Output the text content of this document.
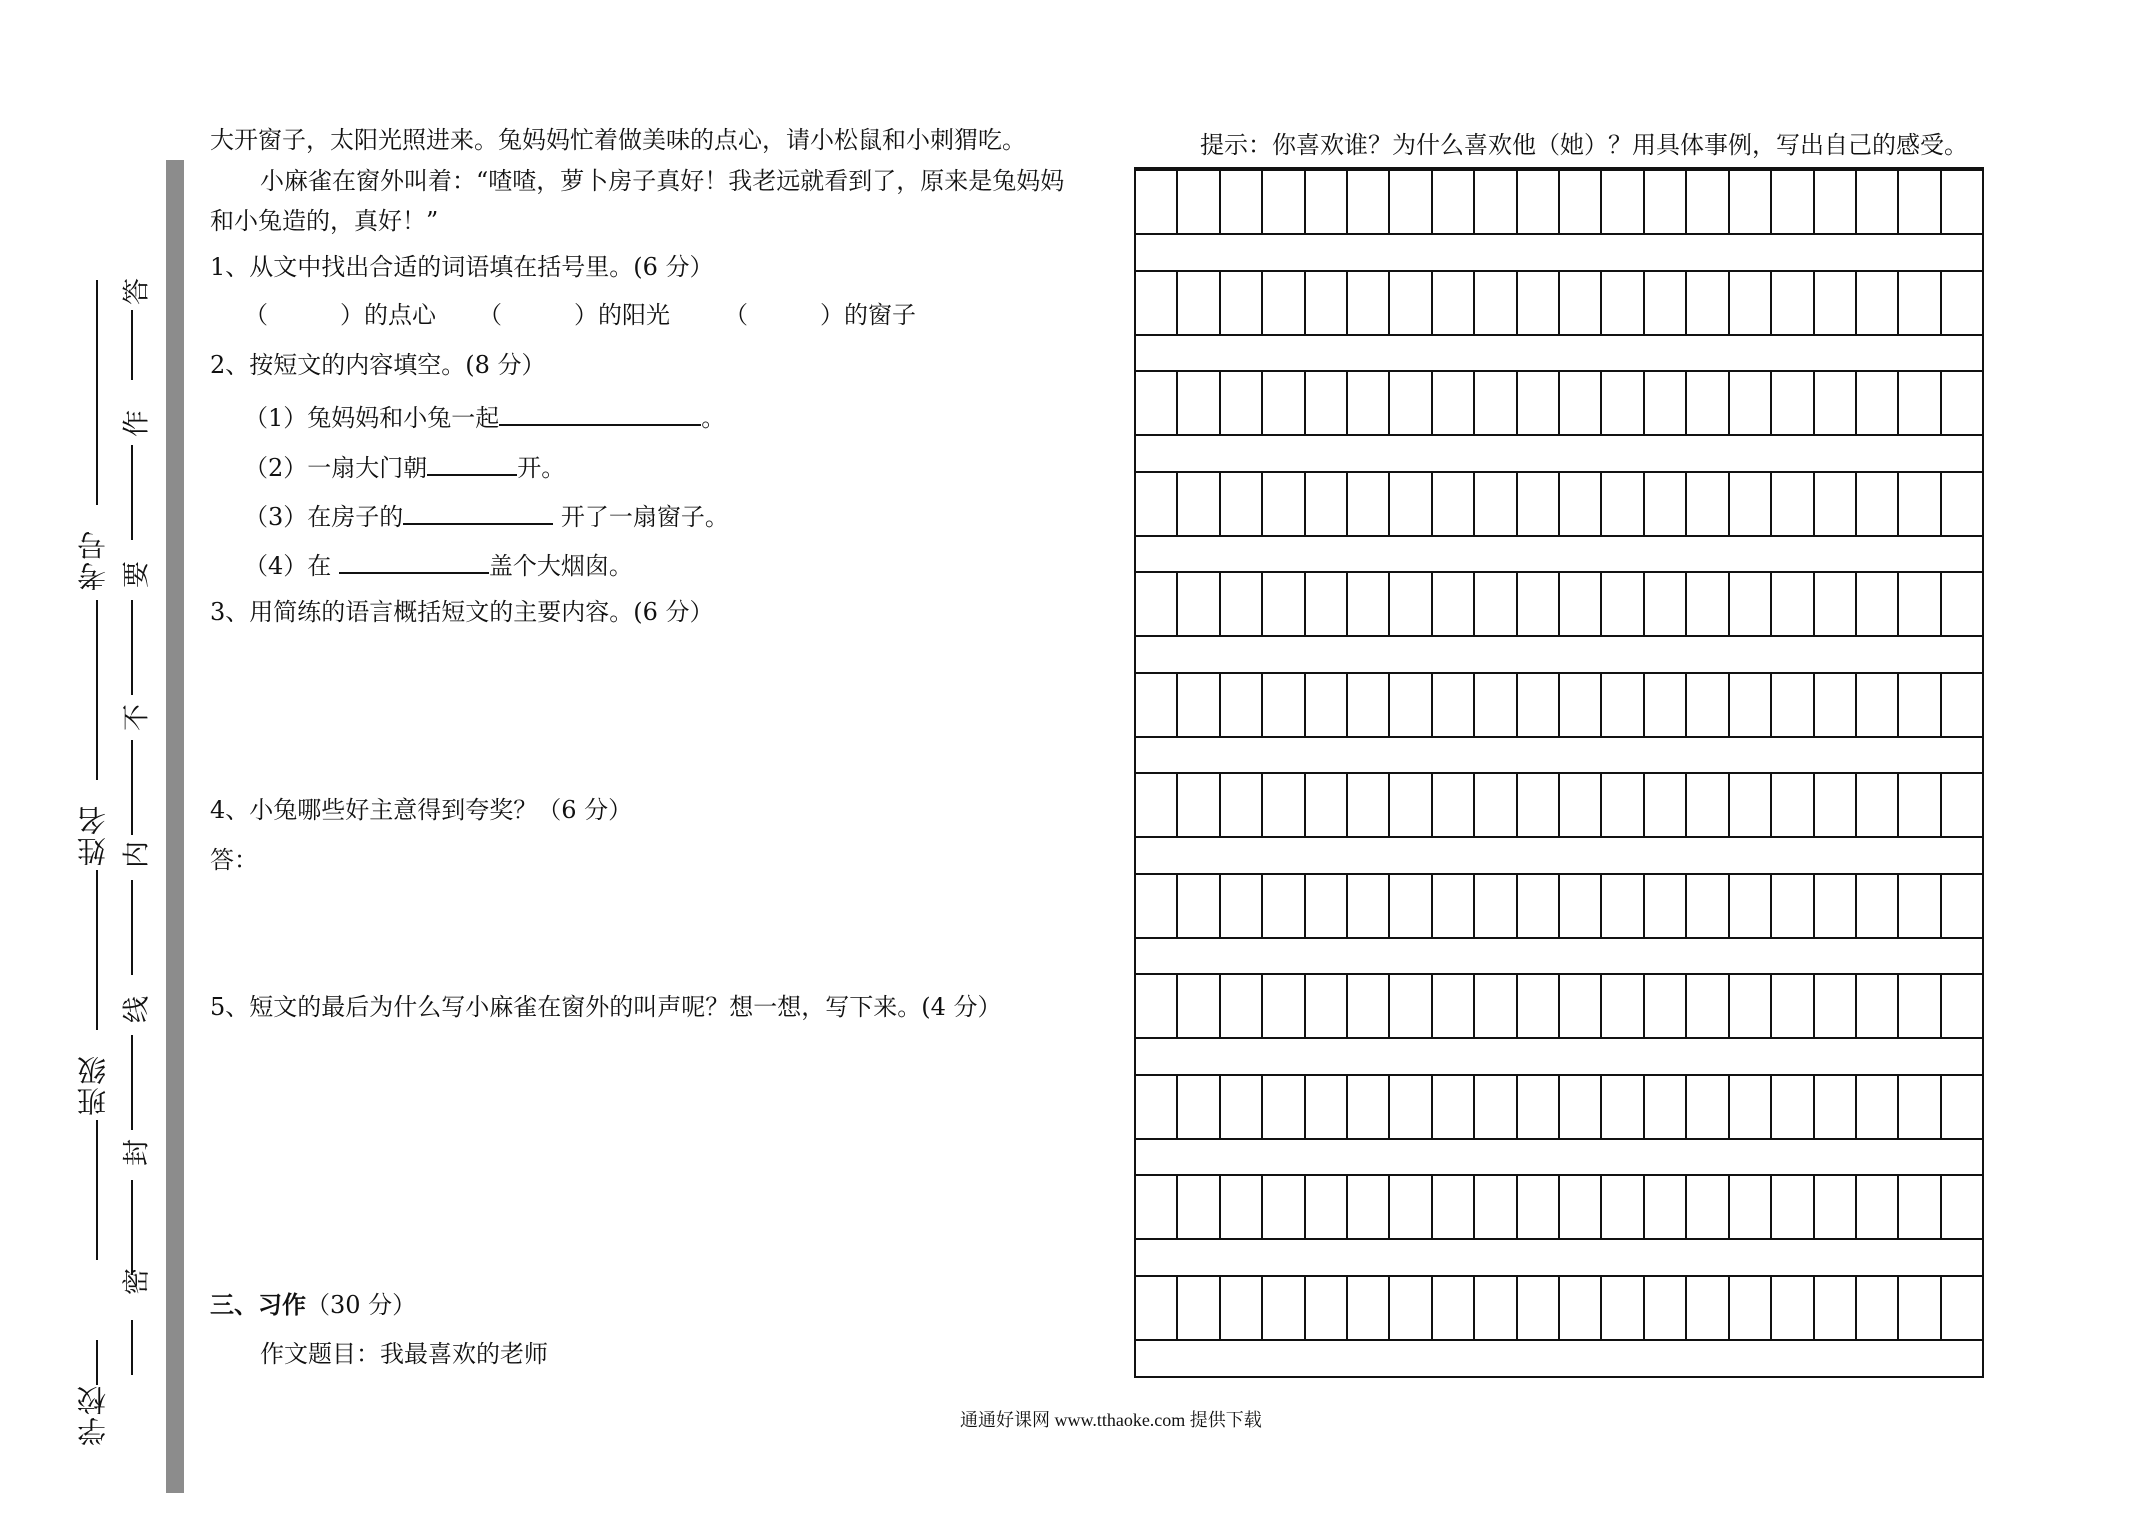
学校
班级
姓名
考号
答
作
要
不
内
线
封
密
大开窗子，太阳光照进来。兔妈妈忙着做美味的点心，请小松鼠和小刺猬吃。
小麻雀在窗外叫着：“喳喳，萝卜房子真好！我老远就看到了，原来是兔妈妈
和小兔造的，真好！”
1、从文中找出合适的词语填在括号里。(6 分）
（　　　）的点心 （　　　）的阳光 （　　　）的窗子
2、按短文的内容填空。(8 分）
（1）兔妈妈和小兔一起	。
（2）一扇大门朝	开。
（3）在房子的	开了一扇窗子。
（4）在	盖个大烟囱。
3、用简练的语言概括短文的主要内容。(6 分）
4、小兔哪些好主意得到夸奖？（6 分）
答：
5、短文的最后为什么写小麻雀在窗外的叫声呢？想一想，写下来。(4 分）
三、习作（30 分）
作文题目：我最喜欢的老师
提示：你喜欢谁？为什么喜欢他（她）？用具体事例，写出自己的感受。
通通好课网 www.tthaoke.com 提供下载
